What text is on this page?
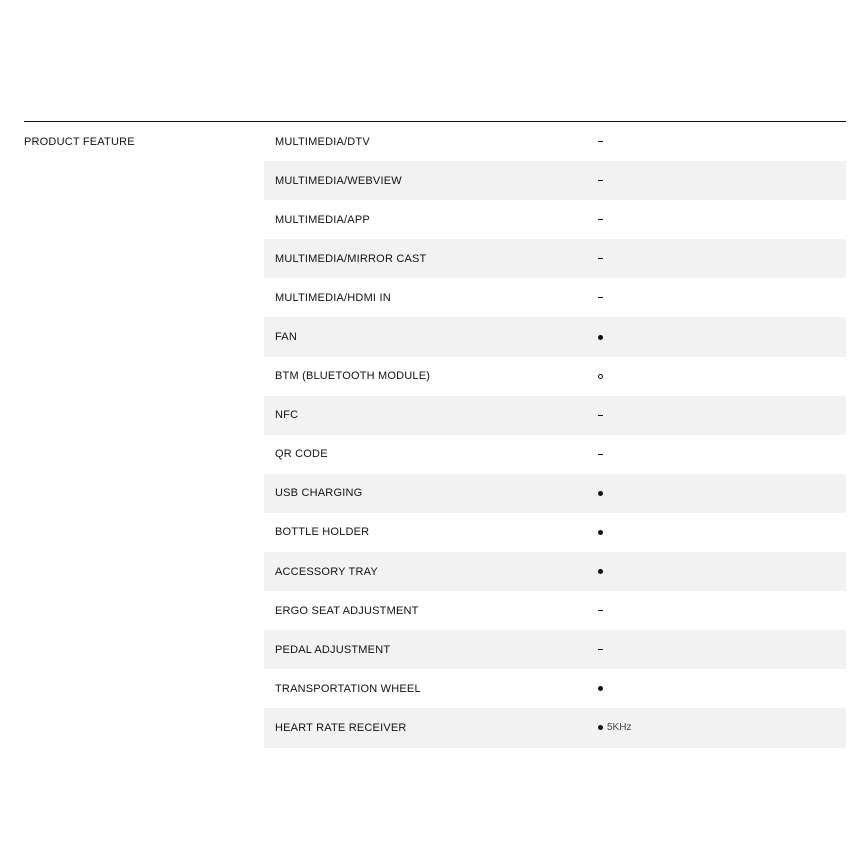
PRODUCT FEATURE	MULTIMEDIA/DTV
MULTIMEDIA/WEBVIEW
MULTIMEDIA/APP
MULTIMEDIA/MIRROR CAST
MULTIMEDIA/HDMI IN
FAN
BTM (BLUETOOTH MODULE)
NFC
QR CODE
USB CHARGING
BOTTLE HOLDER
ACCESSORY TRAY
ERGO SEAT ADJUSTMENT
PEDAL ADJUSTMENT
TRANSPORTATION WHEEL
HEART RATE RECEIVER	5KHz
